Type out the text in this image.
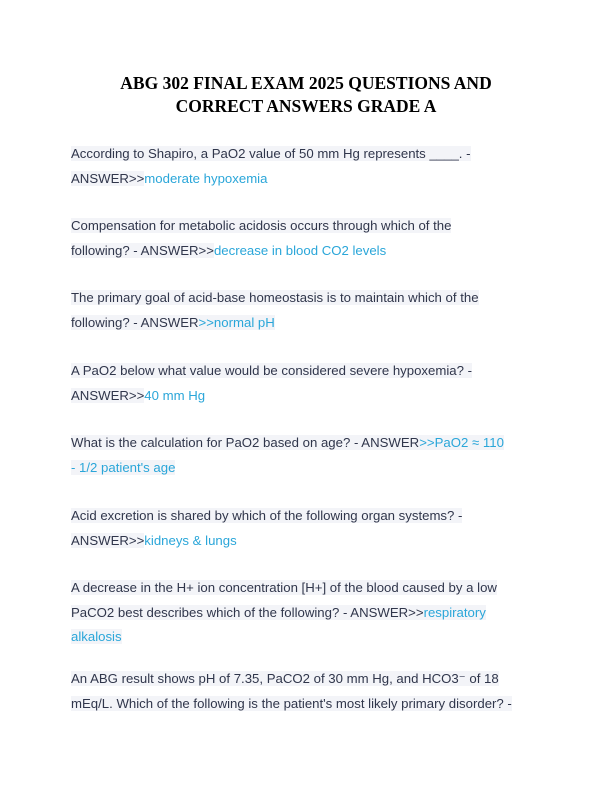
ABG 302 FINAL EXAM 2025 QUESTIONS AND
CORRECT ANSWERS GRADE A
According to Shapiro, a PaO2 value of 50 mm Hg represents ____. -
ANSWER>>moderate hypoxemia
Compensation for metabolic acidosis occurs through which of the
following? - ANSWER>>decrease in blood CO2 levels
The primary goal of acid-base homeostasis is to maintain which of the
following? - ANSWER>>normal pH
A PaO2 below what value would be considered severe hypoxemia? -
ANSWER>>40 mm Hg
What is the calculation for PaO2 based on age? - ANSWER>>PaO2 ≈ 110
- 1/2 patient's age
Acid excretion is shared by which of the following organ systems? -
ANSWER>>kidneys & lungs
A decrease in the H+ ion concentration [H+] of the blood caused by a low
PaCO2 best describes which of the following? - ANSWER>>respiratory
alkalosis
An ABG result shows pH of 7.35, PaCO2 of 30 mm Hg, and HCO3⁻ of 18
mEq/L. Which of the following is the patient's most likely primary disorder? -
